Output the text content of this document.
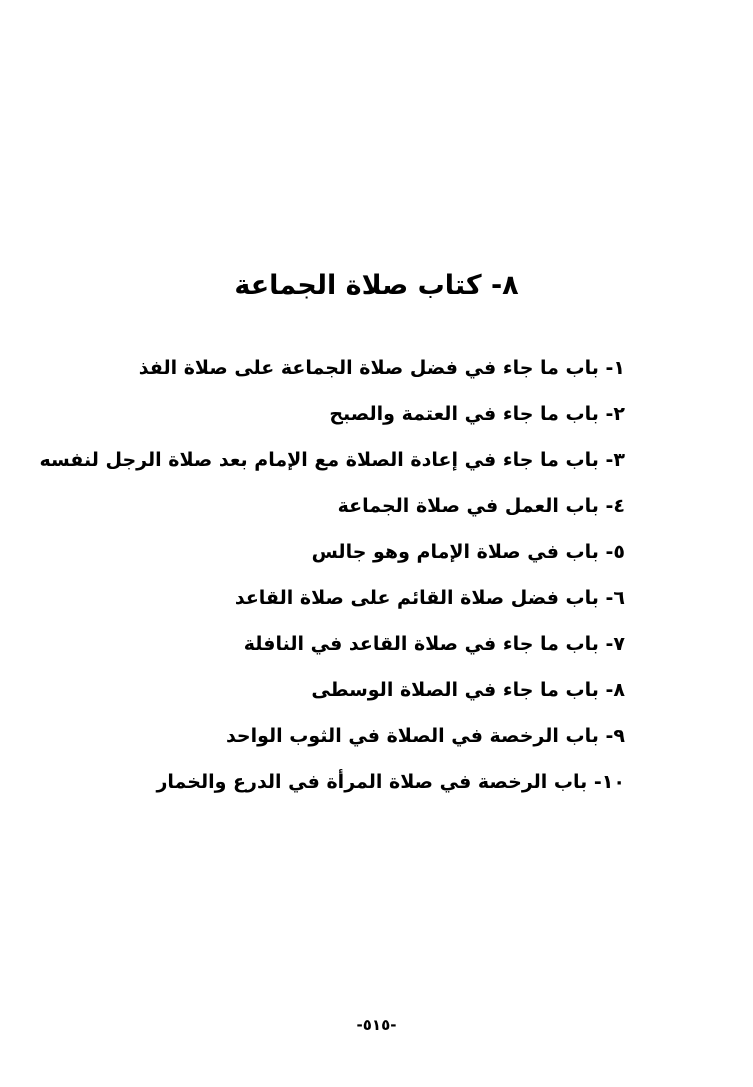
٨- كتاب صلاة الجماعة
١- باب ما جاء في فضل صلاة الجماعة على صلاة الفذ
٢- باب ما جاء في العتمة والصبح
٣- باب ما جاء في إعادة الصلاة مع الإمام بعد صلاة الرجل لنفسه
٤- باب العمل في صلاة الجماعة
٥- باب في صلاة الإمام وهو جالس
٦- باب فضل صلاة القائم على صلاة القاعد
٧- باب ما جاء في صلاة القاعد في النافلة
٨- باب ما جاء في الصلاة الوسطى
٩- باب الرخصة في الصلاة في الثوب الواحد
١٠- باب الرخصة في صلاة المرأة في الدرع والخمار
-٥١٥-
